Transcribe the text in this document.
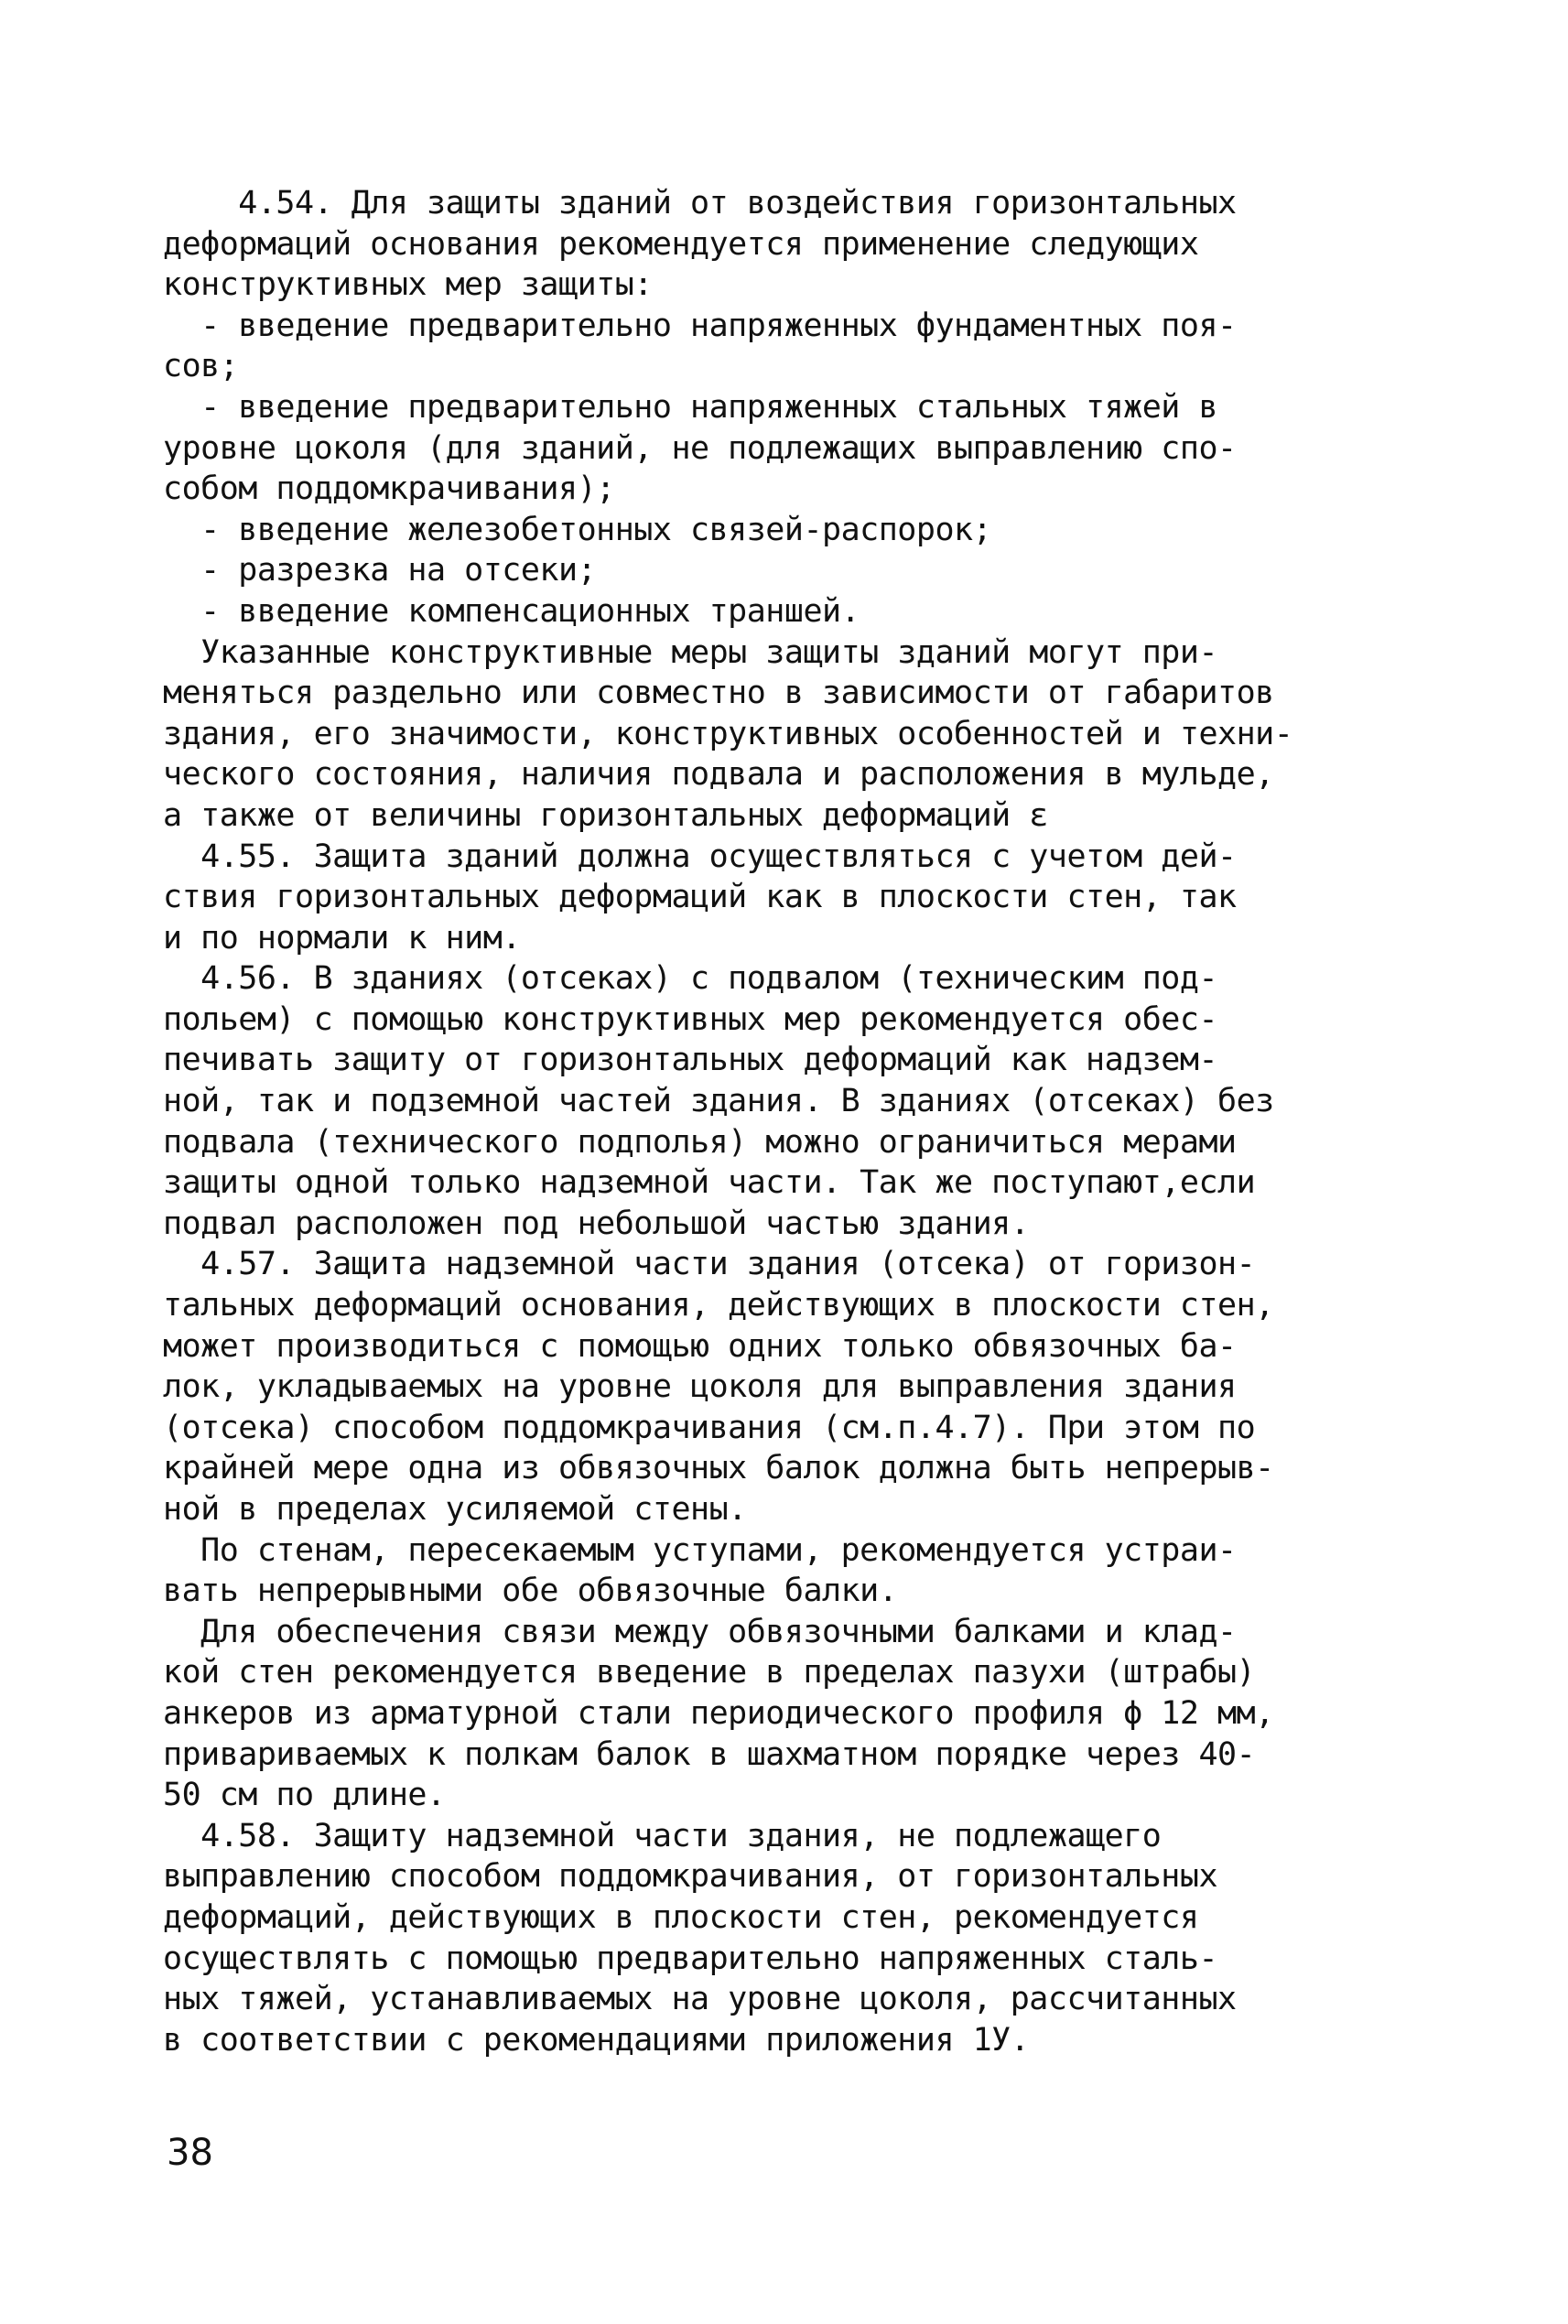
4.54. Для защиты зданий от воздействия горизонтальных
деформаций основания рекомендуется применение следующих
конструктивных мер защиты:
- введение предварительно напряженных фундаментных поя-
сов;
- введение предварительно напряженных стальных тяжей в
уровне цоколя (для зданий, не подлежащих выправлению спо-
собом поддомкрачивания);
- введение железобетонных связей-распорок;
- разрезка на отсеки;
- введение компенсационных траншей.
Указанные конструктивные меры защиты зданий могут при-
меняться раздельно или совместно в зависимости от габаритов
здания, его значимости, конструктивных особенностей и техни-
ческого состояния, наличия подвала и расположения в мульде,
а также от величины горизонтальных деформаций ε
4.55. Защита зданий должна осуществляться с учетом дей-
ствия горизонтальных деформаций как в плоскости стен, так
и по нормали к ним.
4.56. В зданиях (отсеках) с подвалом (техническим под-
польем) с помощью конструктивных мер рекомендуется обес-
печивать защиту от горизонтальных деформаций как надзем-
ной, так и подземной частей здания. В зданиях (отсеках) без
подвала (технического подполья) можно ограничиться мерами
защиты одной только надземной части. Так же поступают,если
подвал расположен под небольшой частью здания.
4.57. Защита надземной части здания (отсека) от горизон-
тальных деформаций основания, действующих в плоскости стен,
может производиться с помощью одних только обвязочных ба-
лок, укладываемых на уровне цоколя для выправления здания
(отсека) способом поддомкрачивания (см.п.4.7). При этом по
крайней мере одна из обвязочных балок должна быть непрерыв-
ной в пределах усиляемой стены.
По стенам, пересекаемым уступами, рекомендуется устраи-
вать непрерывными обе обвязочные балки.
Для обеспечения связи между обвязочными балками и клад-
кой стен рекомендуется введение в пределах пазухи (штрабы)
анкеров из арматурной стали периодического профиля ϕ 12 мм,
привариваемых к полкам балок в шахматном порядке через 40-
50 см по длине.
4.58. Защиту надземной части здания, не подлежащего
выправлению способом поддомкрачивания, от горизонтальных
деформаций, действующих в плоскости стен, рекомендуется
осуществлять с помощью предварительно напряженных сталь-
ных тяжей, устанавливаемых на уровне цоколя, рассчитанных
в соответствии с рекомендациями приложения 1У.
38
